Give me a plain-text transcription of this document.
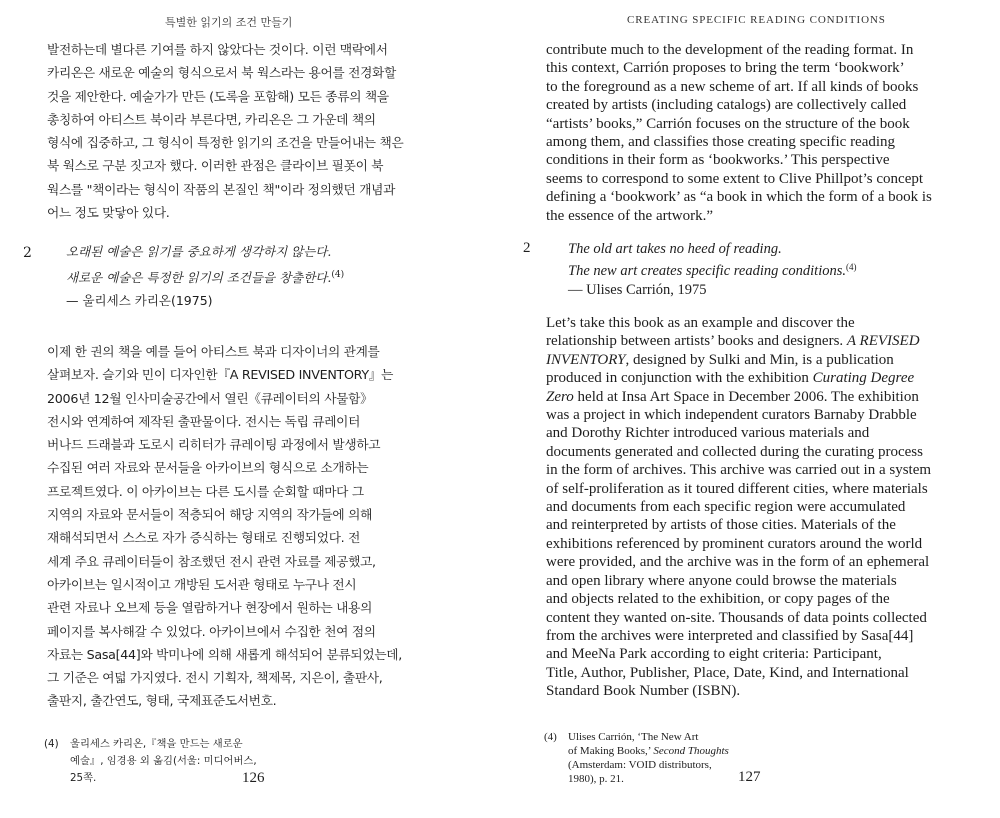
특별한 읽기의 조건 만들기
발전하는데 별다른 기여를 하지 않았다는 것이다. 이런 맥락에서
카리온은 새로운 예술의 형식으로서 북 웍스라는 용어를 전경화할
것을 제안한다. 예술가가 만든 (도록을 포함해) 모든 종류의 책을
총칭하여 아티스트 북이라 부른다면, 카리온은 그 가운데 책의
형식에 집중하고, 그 형식이 특정한 읽기의 조건을 만들어내는 책은
북 웍스로 구분 짓고자 했다. 이러한 관점은 클라이브 필폿이 북
웍스를 "책이라는 형식이 작품의 본질인 책"이라 정의했던 개념과
어느 정도 맞닿아 있다.
2	오래된 예술은 읽기를 중요하게 생각하지 않는다.
새로운 예술은 특정한 읽기의 조건들을 창출한다.$^{(4)}$
— 울리세스 카리온(1975)
이제 한 권의 책을 예를 들어 아티스트 북과 디자이너의 관계를
살펴보자. 슬기와 민이 디자인한『A REVISED INVENTORY』는
2006년 12월 인사미술공간에서 열린《큐레이터의 사물함》
전시와 연계하여 제작된 출판물이다. 전시는 독립 큐레이터
버나드 드래블과 도로시 리히터가 큐레이팅 과정에서 발생하고
수집된 여러 자료와 문서들을 아카이브의 형식으로 소개하는
프로젝트였다. 이 아카이브는 다른 도시를 순회할 때마다 그
지역의 자료와 문서들이 적층되어 해당 지역의 작가들에 의해
재해석되면서 스스로 자가 증식하는 형태로 진행되었다. 전
세계 주요 큐레이터들이 참조했던 전시 관련 자료를 제공했고,
아카이브는 일시적이고 개방된 도서관 형태로 누구나 전시
관련 자료나 오브제 등을 열람하거나 현장에서 원하는 내용의
페이지를 복사해갈 수 있었다. 아카이브에서 수집한 천여 점의
자료는 Sasa[44]와 박미나에 의해 새롭게 해석되어 분류되었는데,
그 기준은 여덟 가지였다. 전시 기획자, 책제목, 지은이, 출판사,
출판지, 출간연도, 형태, 국제표준도서번호.
(4) 울리세스 카리온,『책을 만드는 새로운
예술』, 임경용 외 옮김(서울: 미디어버스,
25쪽.	126
CREATING SPECIFIC READING CONDITIONS
contribute much to the development of the reading format. In
this context, Carrión proposes to bring the term ‘bookwork’
to the foreground as a new scheme of art. If all kinds of books
created by artists (including catalogs) are collectively called
“artists’ books,” Carrión focuses on the structure of the book
among them, and classifies those creating specific reading
conditions in their form as ‘bookworks.’ This perspective
seems to correspond to some extent to Clive Phillpot’s concept
defining a ‘bookwork’ as “a book in which the form of a book is
the essence of the artwork.”
2	The old art takes no heed of reading.
The new art creates specific reading conditions.$^{(4)}$
— Ulises Carrión, 1975
Let’s take this book as an example and discover the
relationship between artists’ books and designers. A REVISED
INVENTORY, designed by Sulki and Min, is a publication
produced in conjunction with the exhibition Curating Degree
Zero held at Insa Art Space in December 2006. The exhibition
was a project in which independent curators Barnaby Drabble
and Dorothy Richter introduced various materials and
documents generated and collected during the curating process
in the form of archives. This archive was carried out in a system
of self-proliferation as it toured different cities, where materials
and documents from each specific region were accumulated
and reinterpreted by artists of those cities. Materials of the
exhibitions referenced by prominent curators around the world
were provided, and the archive was in the form of an ephemeral
and open library where anyone could browse the materials
and objects related to the exhibition, or copy pages of the
content they wanted on-site. Thousands of data points collected
from the archives were interpreted and classified by Sasa[44]
and MeeNa Park according to eight criteria: Participant,
Title, Author, Publisher, Place, Date, Kind, and International
Standard Book Number (ISBN).
(4) Ulises Carrión, ‘The New Art
of Making Books,’ Second Thoughts
(Amsterdam: VOID distributors,
1980), p. 21.	127
